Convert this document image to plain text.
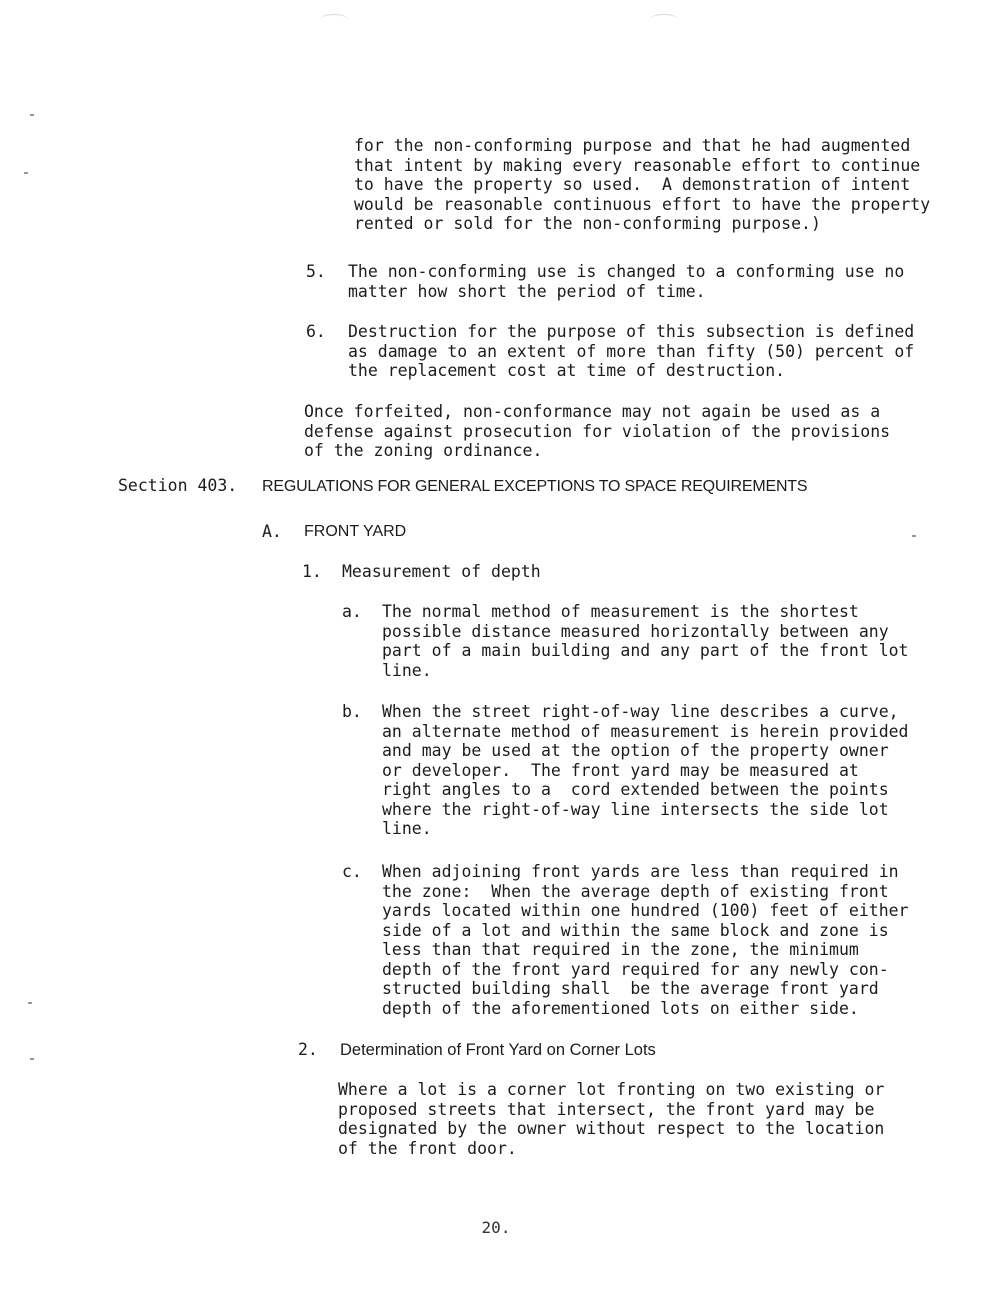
for the non-conforming purpose and that he had augmented

that intent by making every reasonable effort to continue

to have the property so used.  A demonstration of intent

would be reasonable continuous effort to have the property

rented or sold for the non-conforming purpose.)

5. The non-conforming use is changed to a conforming use no

matter how short the period of time.

6. Destruction for the purpose of this subsection is defined

as damage to an extent of more than fifty (50) percent of

the replacement cost at time of destruction.

Once forfeited, non-conformance may not again be used as a

defense against prosecution for violation of the provisions

of the zoning ordinance.

Section 403. REGULATIONS FOR GENERAL EXCEPTIONS TO SPACE REQUIREMENTS
A. FRONT YARD
1. Measurement of depth
a. The normal method of measurement is the shortest

possible distance measured horizontally between any

part of a main building and any part of the front lot

line.

b. When the street right-of-way line describes a curve,

an alternate method of measurement is herein provided

and may be used at the option of the property owner

or developer.  The front yard may be measured at

right angles to a  cord extended between the points

where the right-of-way line intersects the side lot

line.

c. When adjoining front yards are less than required in

the zone:  When the average depth of existing front

yards located within one hundred (100) feet of either

side of a lot and within the same block and zone is

less than that required in the zone, the minimum

depth of the front yard required for any newly con-

structed building shall  be the average front yard

depth of the aforementioned lots on either side.

2. Determination of Front Yard on Corner Lots

Where a lot is a corner lot fronting on two existing or

proposed streets that intersect, the front yard may be

designated by the owner without respect to the location

of the front door.

20.
